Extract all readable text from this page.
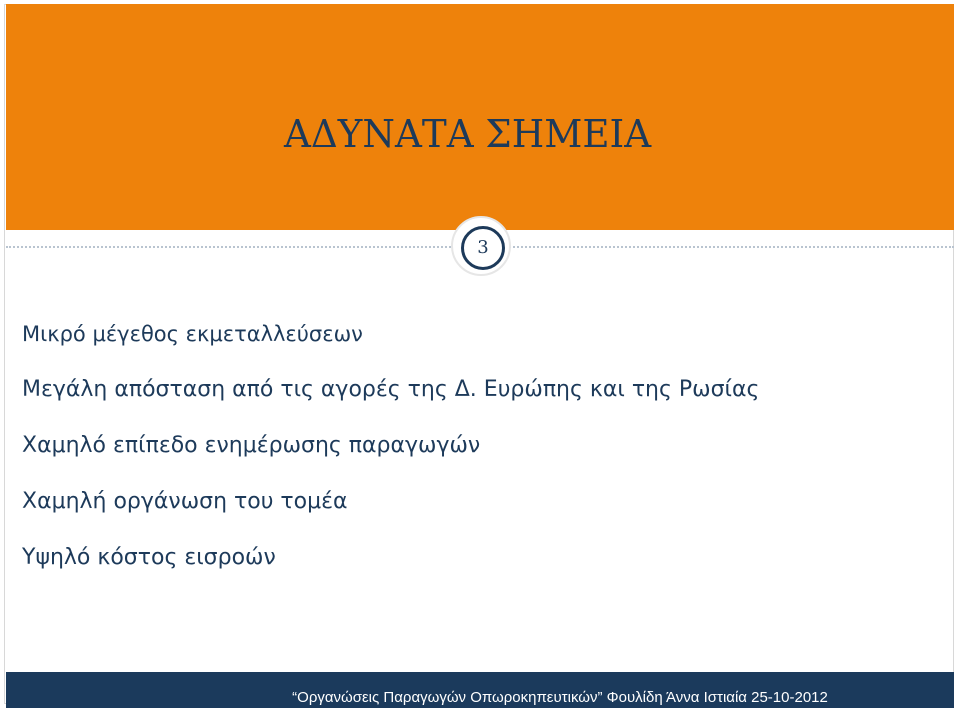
ΑΔΥΝΑΤΑ ΣΗΜΕΙΑ
3
Μικρό μέγεθος εκμεταλλεύσεων
Μεγάλη απόσταση από τις αγορές της Δ. Ευρώπης και της Ρωσίας
Χαμηλό επίπεδο ενημέρωσης παραγωγών
Χαμηλή οργάνωση του τομέα
Υψηλό κόστος εισροών
“Οργανώσεις Παραγωγών Οπωροκηπευτικών” Φουλίδη Άννα Ιστιαία 25-10-2012
